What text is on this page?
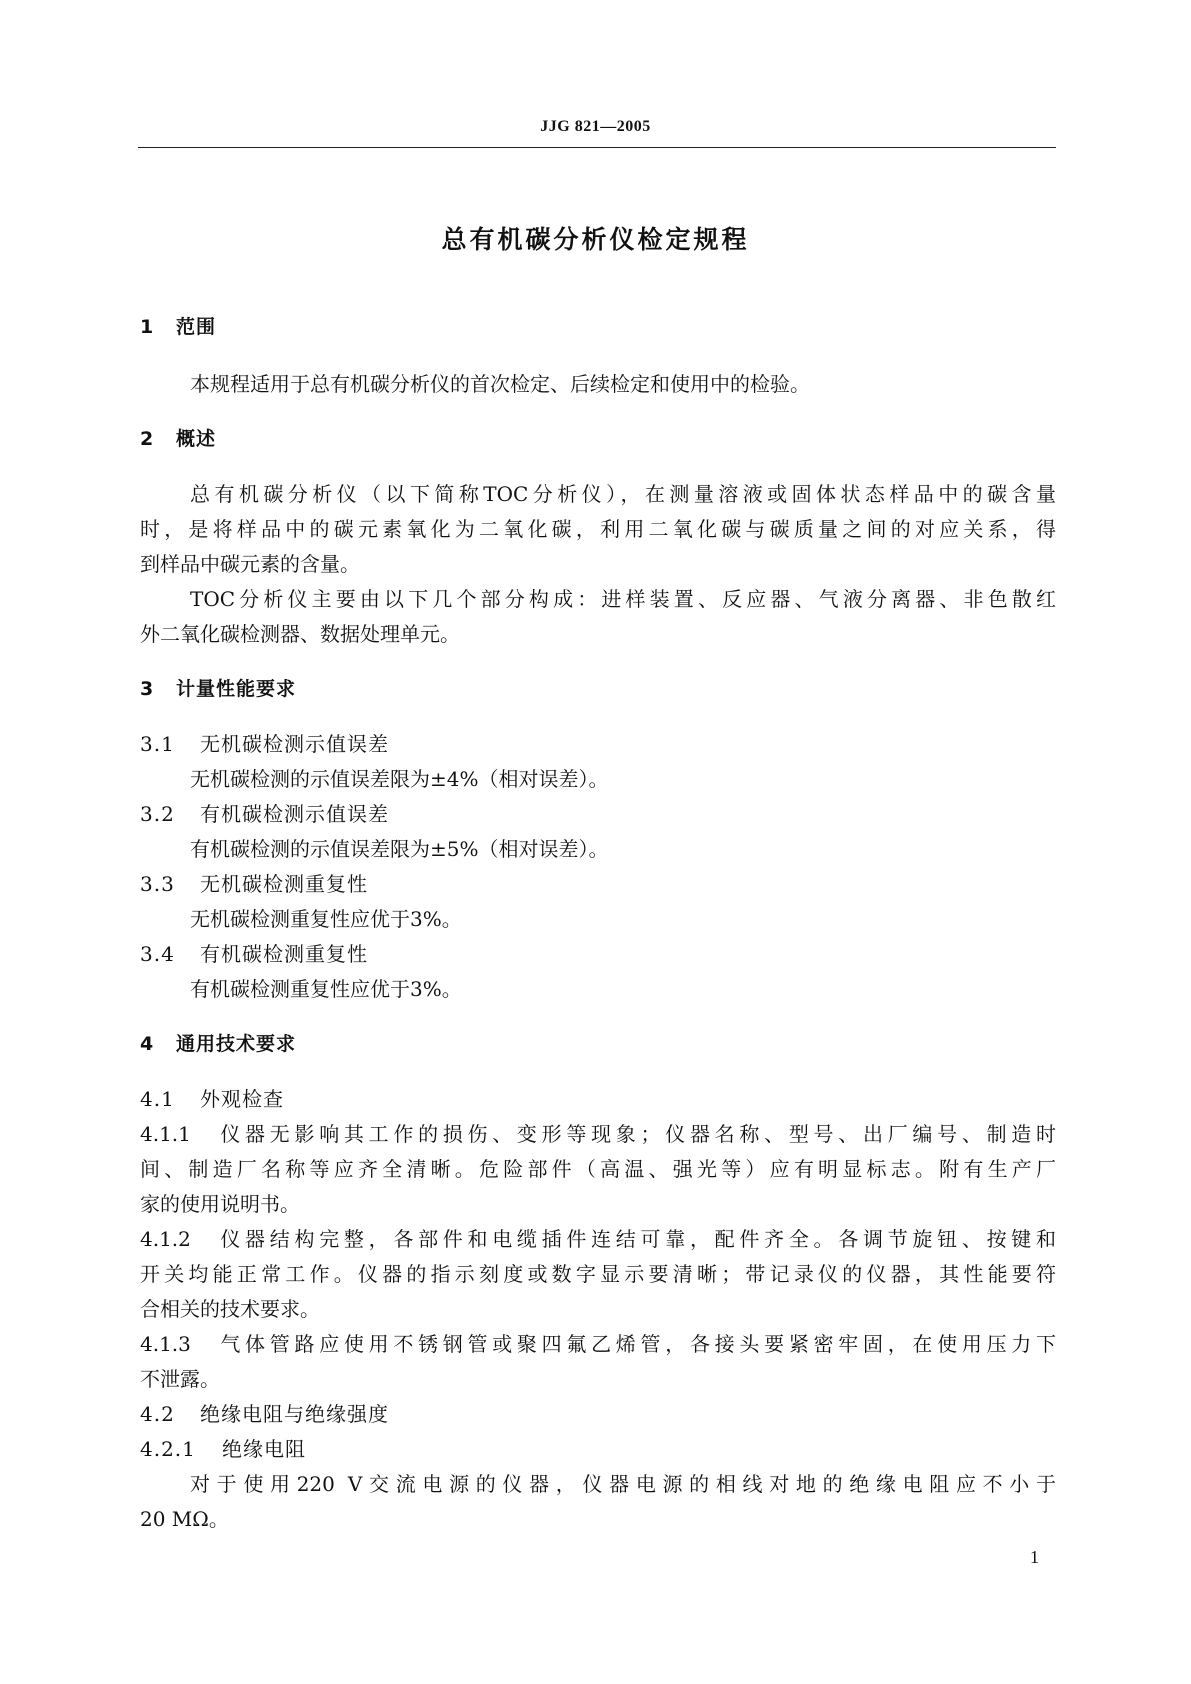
JJG 821—2005
总有机碳分析仪检定规程
1 范围
本规程适用于总有机碳分析仪的首次检定、后续检定和使用中的检验。
2 概述
总有机碳分析仪（以下简称TOC分析仪），在测量溶液或固体状态样品中的碳含量
时，是将样品中的碳元素氧化为二氧化碳，利用二氧化碳与碳质量之间的对应关系，得
到样品中碳元素的含量。
TOC分析仪主要由以下几个部分构成：进样装置、反应器、气液分离器、非色散红
外二氧化碳检测器、数据处理单元。
3 计量性能要求
3.1 无机碳检测示值误差
无机碳检测的示值误差限为±4%（相对误差）。
3.2 有机碳检测示值误差
有机碳检测的示值误差限为±5%（相对误差）。
3.3 无机碳检测重复性
无机碳检测重复性应优于3%。
3.4 有机碳检测重复性
有机碳检测重复性应优于3%。
4 通用技术要求
4.1 外观检查
4.1.1　仪器无影响其工作的损伤、变形等现象；仪器名称、型号、出厂编号、制造时
间、制造厂名称等应齐全清晰。危险部件（高温、强光等）应有明显标志。附有生产厂
家的使用说明书。
4.1.2　仪器结构完整，各部件和电缆插件连结可靠，配件齐全。各调节旋钮、按键和
开关均能正常工作。仪器的指示刻度或数字显示要清晰；带记录仪的仪器，其性能要符
合相关的技术要求。
4.1.3　气体管路应使用不锈钢管或聚四氟乙烯管，各接头要紧密牢固，在使用压力下
不泄露。
4.2 绝缘电阻与绝缘强度
4.2.1 绝缘电阻
对于使用220 V交流电源的仪器，仪器电源的相线对地的绝缘电阻应不小于
20 MΩ。
1
